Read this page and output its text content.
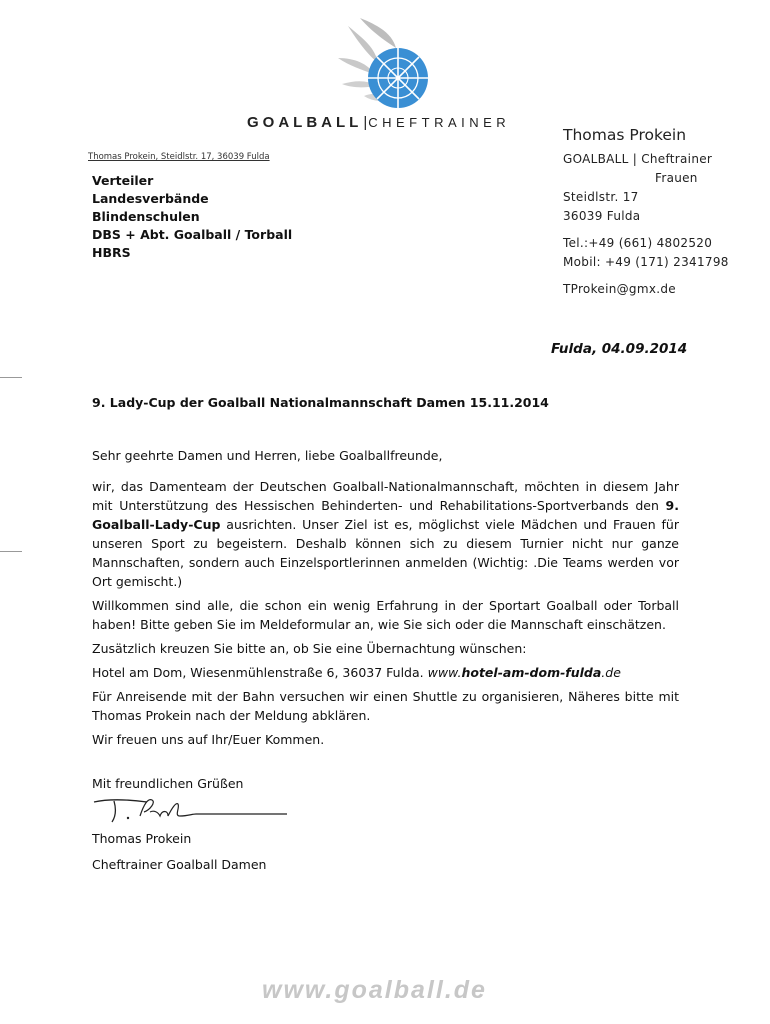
GOALBALL|CHEFTRAINER
Thomas Prokein, Steidlstr. 17, 36039 Fulda
Verteiler
Landesverbände
Blindenschulen
DBS + Abt. Goalball / Torball
HBRS
Thomas Prokein
GOALBALL | Cheftrainer
Frauen
Steidlstr. 17
36039 Fulda
Tel.:+49 (661) 4802520
Mobil: +49 (171) 2341798
TProkein@gmx.de
Fulda, 04.09.2014
9. Lady-Cup der Goalball Nationalmannschaft Damen 15.11.2014

Sehr geehrte Damen und Herren, liebe Goalballfreunde,

wir, das Damenteam der Deutschen Goalball-Nationalmannschaft, möchten in diesem Jahr mit Unterstützung des Hessischen Behinderten- und Rehabilitations-Sportverbands den 9. Goalball-Lady-Cup ausrichten. Unser Ziel ist es, möglichst viele Mädchen und Frauen für unseren Sport zu begeistern. Deshalb können sich zu diesem Turnier nicht nur ganze Mannschaften, sondern auch Einzelsportlerinnen anmelden (Wichtig: .Die Teams werden vor Ort gemischt.)

Willkommen sind alle, die schon ein wenig Erfahrung in der Sportart Goalball oder Torball haben! Bitte geben Sie im Meldeformular an, wie Sie sich oder die Mannschaft einschätzen.

Zusätzlich kreuzen Sie bitte an, ob Sie eine Übernachtung wünschen:

Hotel am Dom, Wiesenmühlenstraße 6, 36037 Fulda. www.hotel-am-dom-fulda.de

Für Anreisende mit der Bahn versuchen wir einen Shuttle zu organisieren, Näheres bitte mit Thomas Prokein nach der Meldung abklären.

Wir freuen uns auf Ihr/Euer Kommen.

Mit freundlichen Grüßen
Thomas Prokein
Cheftrainer Goalball Damen
www.goalball.de
